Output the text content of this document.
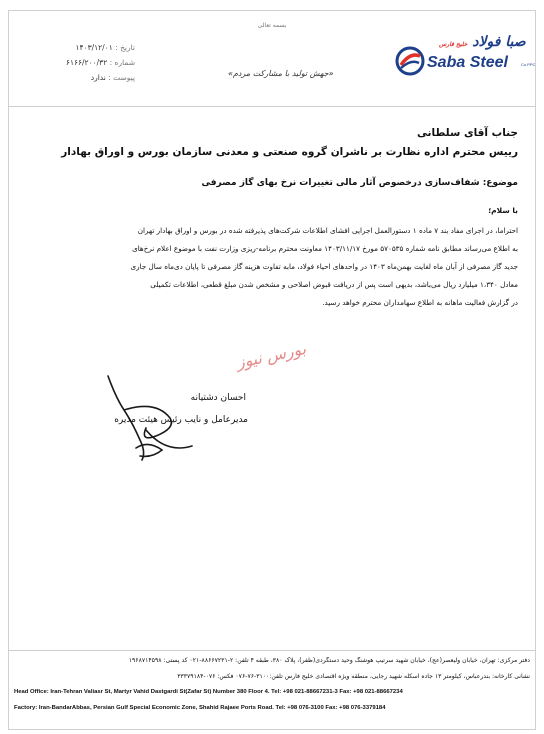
بسمه تعالی
تاریخ : ۱۴۰۳/۱۲/۰۱
شماره : ۶۱۶۶/۲۰۰/۳۲
پیوست : ندارد	«جهش تولید با مشارکت مردم»
صبا فولاد خلیج فارس
Saba Steel	Co.PPC
جناب آقای سلطانی
رییس محترم اداره نظارت بر ناشران گروه صنعتی و معدنی سازمان بورس و اوراق بهادار
موضوع: شفاف‌سازی درخصوص آثار مالی تغییرات نرخ بهای گاز مصرفی
با سلام؛
احتراما، در اجرای مفاد بند ۷ ماده ۱ دستورالعمل اجرایی افشای اطلاعات شرکت‌های پذیرفته شده در بورس و اوراق بهادار تهران
به اطلاع می‌رساند مطابق نامه شماره ۵۷۰۵۳۵ مورخ ۱۴۰۳/۱۱/۱۷ معاونت محترم برنامه-ریزی وزارت نفت با موضوع اعلام نرخ‌های
جدید گاز مصرفی از آبان ماه لغایت بهمن‌ماه ۱۴۰۳ در واحدهای احیاء فولاد، مابه تفاوت هزینه گاز مصرفی تا پایان دی‌ماه سال جاری
معادل ۱،۳۴۰ میلیارد ریال می‌باشد، بدیهی است پس از دریافت قبوض اصلاحی و مشخص شدن مبلغ قطعی، اطلاعات تکمیلی
در گزارش فعالیت ماهانه به اطلاع سهامداران محترم خواهد رسید.
بورس نیوز
احسان دشتیانه
مدیرعامل و نایب رئیس هیئت مدیره
دفتر مرکزی: تهران، خیابان ولیعصر(عج)، خیابان شهید سرتیپ هوشنگ وحید دستگردی(ظفر)، پلاک ۳۸۰، طبقه ۴ تلفن: ۲-۸۸۶۶۷۲۳۱-۰۲۱ کد پستی: ۱۹۶۸۷۱۴۵۹۸
نشانی کارخانه: بندرعباس، کیلومتر ۱۳ جاده اسکله شهید رجایی، منطقه ویژه اقتصادی خلیج فارس تلفن:۳۱۰۰-۷۶-۰۷۶ فکس: ۰۷۶-۳۳۳۷۹۱۸۴
Head Office: Iran-Tehran Valiasr St, Martyr Vahid Dastgardi St(Zafar St) Number 380 Floor 4. Tel: +98 021-88667231-3 Fax: +98 021-88667234
Factory: Iran-BandarAbbas, Persian Gulf Special Economic Zone, Shahid Rajaee Ports Road. Tel: +98 076-3100 Fax: +98 076-3379184
